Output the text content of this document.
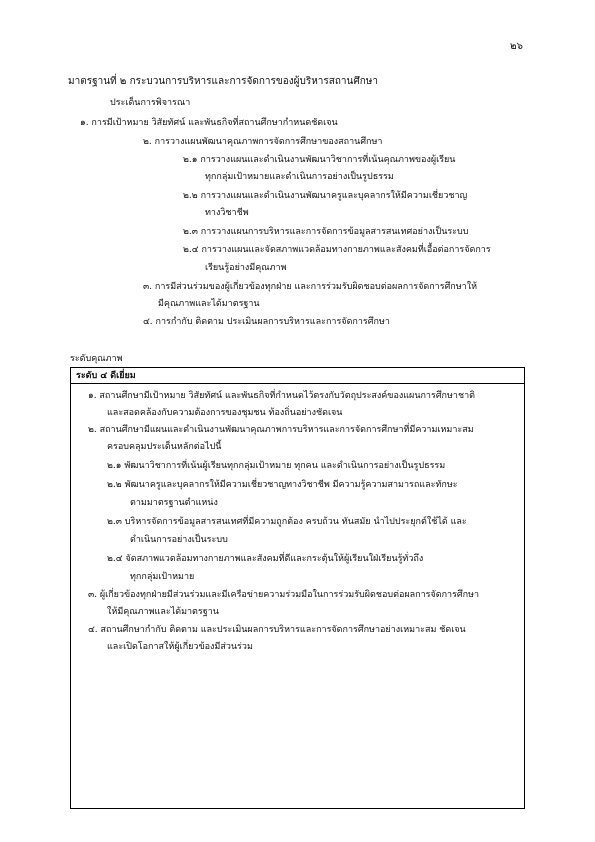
๒๖
มาตรฐานที่ ๒ กระบวนการบริหารและการจัดการของผู้บริหารสถานศึกษา
ประเด็นการพิจารณา
๑. การมีเป้าหมาย วิสัยทัศน์ และพันธกิจที่สถานศึกษากำหนดชัดเจน
๒. การวางแผนพัฒนาคุณภาพการจัดการศึกษาของสถานศึกษา
๒.๑ การวางแผนและดำเนินงานพัฒนาวิชาการที่เน้นคุณภาพของผู้เรียน
ทุกกลุ่มเป้าหมายและดำเนินการอย่างเป็นรูปธรรม
๒.๒ การวางแผนและดำเนินงานพัฒนาครูและบุคลากรให้มีความเชี่ยวชาญ
ทางวิชาชีพ
๒.๓ การวางแผนการบริหารและการจัดการข้อมูลสารสนเทศอย่างเป็นระบบ
๒.๔ การวางแผนและจัดสภาพแวดล้อมทางกายภาพและสังคมที่เอื้อต่อการจัดการ
เรียนรู้อย่างมีคุณภาพ
๓. การมีส่วนร่วมของผู้เกี่ยวข้องทุกฝ่าย และการร่วมรับผิดชอบต่อผลการจัดการศึกษาให้
มีคุณภาพและได้มาตรฐาน
๔. การกำกับ ติดตาม ประเมินผลการบริหารและการจัดการศึกษา
ระดับคุณภาพ
ระดับ ๔ ดีเยี่ยม
๑. สถานศึกษามีเป้าหมาย วิสัยทัศน์ และพันธกิจที่กำหนดไว้ตรงกับวัตถุประสงค์ของแผนการศึกษาชาติ
และสอดคล้องกับความต้องการของชุมชน ท้องถิ่นอย่างชัดเจน
๒. สถานศึกษามีแผนและดำเนินงานพัฒนาคุณภาพการบริหารและการจัดการศึกษาที่มีความเหมาะสม
ครอบคลุมประเด็นหลักต่อไปนี้
๒.๑ พัฒนาวิชาการที่เน้นผู้เรียนทุกกลุ่มเป้าหมาย ทุกคน และดำเนินการอย่างเป็นรูปธรรม
๒.๒ พัฒนาครูและบุคลากรให้มีความเชี่ยวชาญทางวิชาชีพ มีความรู้ความสามารถและทักษะ
ตามมาตรฐานตำแหน่ง
๒.๓ บริหารจัดการข้อมูลสารสนเทศที่มีความถูกต้อง ครบถ้วน ทันสมัย นำไปประยุกต์ใช้ได้ และ
ดำเนินการอย่างเป็นระบบ
๒.๔ จัดสภาพแวดล้อมทางกายภาพและสังคมที่ดีและกระตุ้นให้ผู้เรียนใฝ่เรียนรู้ทั่วถึง
ทุกกลุ่มเป้าหมาย
๓. ผู้เกี่ยวข้องทุกฝ่ายมีส่วนร่วมและมีเครือข่ายความร่วมมือในการร่วมรับผิดชอบต่อผลการจัดการศึกษา
ให้มีคุณภาพและได้มาตรฐาน
๔. สถานศึกษากำกับ ติดตาม และประเมินผลการบริหารและการจัดการศึกษาอย่างเหมาะสม ชัดเจน
และเปิดโอกาสให้ผู้เกี่ยวข้องมีส่วนร่วม
